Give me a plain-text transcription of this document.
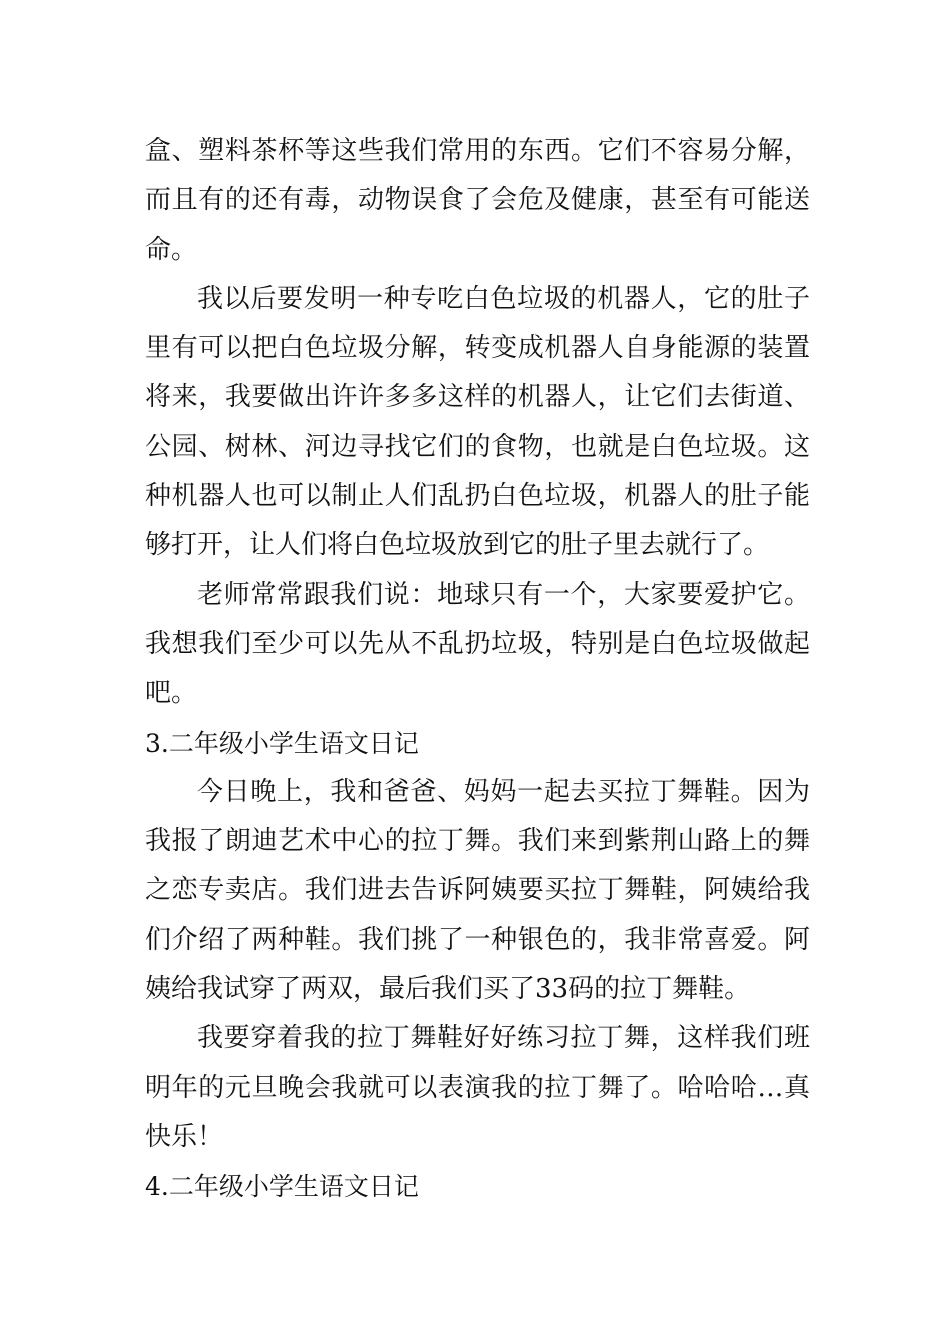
盒、塑料茶杯等这些我们常用的东西。它们不容易分解，而且有的还有毒，动物误食了会危及健康，甚至有可能送命。

我以后要发明一种专吃白色垃圾的机器人，它的肚子里有可以把白色垃圾分解，转变成机器人自身能源的装置将来，我要做出许许多多这样的机器人，让它们去街道、公园、树林、河边寻找它们的食物，也就是白色垃圾。这种机器人也可以制止人们乱扔白色垃圾，机器人的肚子能够打开，让人们将白色垃圾放到它的肚子里去就行了。

老师常常跟我们说：地球只有一个，大家要爱护它。我想我们至少可以先从不乱扔垃圾，特别是白色垃圾做起吧。

3.二年级小学生语文日记

今日晚上，我和爸爸、妈妈一起去买拉丁舞鞋。因为我报了朗迪艺术中心的拉丁舞。我们来到紫荆山路上的舞之恋专卖店。我们进去告诉阿姨要买拉丁舞鞋，阿姨给我们介绍了两种鞋。我们挑了一种银色的，我非常喜爱。阿姨给我试穿了两双，最后我们买了33码的拉丁舞鞋。

我要穿着我的拉丁舞鞋好好练习拉丁舞，这样我们班明年的元旦晚会我就可以表演我的拉丁舞了。哈哈哈…真快乐！

4.二年级小学生语文日记
